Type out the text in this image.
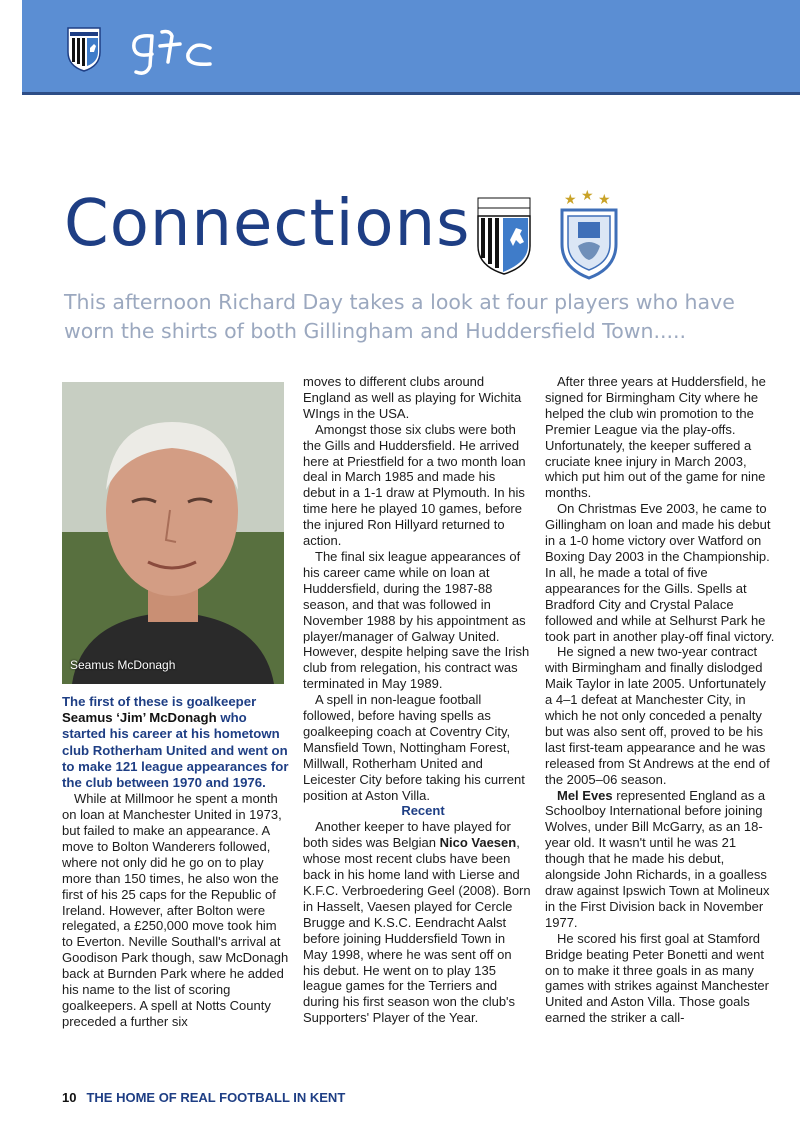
Connections	★ ★ ★

This afternoon Richard Day takes a look at four players who have worn the shirts of both Gillingham and Huddersfield Town.....

Seamus McDonagh

The first of these is goalkeeper Seamus ‘Jim’ McDonagh who started his career at his hometown club Rotherham United and went on to make 121 league appearances for the club between 1970 and 1976.

While at Millmoor he spent a month on loan at Manchester United in 1973, but failed to make an appearance. A move to Bolton Wanderers followed, where not only did he go on to play more than 150 times, he also won the first of his 25 caps for the Republic of Ireland. However, after Bolton were relegated, a £250,000 move took him to Everton. Neville Southall's arrival at Goodison Park though, saw McDonagh back at Burnden Park where he added his name to the list of scoring goalkeepers. A spell at Notts County preceded a further six

moves to different clubs around England as well as playing for Wichita WIngs in the USA.

Amongst those six clubs were both the Gills and Huddersfield. He arrived here at Priestfield for a two month loan deal in March 1985 and made his debut in a 1-1 draw at Plymouth. In his time here he played 10 games, before the injured Ron Hillyard returned to action.

The final six league appearances of his career came while on loan at Huddersfield, during the 1987-88 season, and that was followed in November 1988 by his appointment as player/manager of Galway United. However, despite helping save the Irish club from relegation, his contract was terminated in May 1989.

A spell in non-league football followed, before having spells as goalkeeping coach at Coventry City, Mansfield Town, Nottingham Forest, Millwall, Rotherham United and Leicester City before taking his current position at Aston Villa.

Recent

Another keeper to have played for both sides was Belgian Nico Vaesen, whose most recent clubs have been back in his home land with Lierse and K.F.C. Verbroedering Geel (2008). Born in Hasselt, Vaesen played for Cercle Brugge and K.S.C. Eendracht Aalst before joining Huddersfield Town in May 1998, where he was sent off on his debut. He went on to play 135 league games for the Terriers and during his first season won the club's Supporters' Player of the Year.

After three years at Huddersfield, he signed for Birmingham City where he helped the club win promotion to the Premier League via the play-offs. Unfortunately, the keeper suffered a cruciate knee injury in March 2003, which put him out of the game for nine months.

On Christmas Eve 2003, he came to Gillingham on loan and made his debut in a 1-0 home victory over Watford on Boxing Day 2003 in the Championship. In all, he made a total of five appearances for the Gills. Spells at Bradford City and Crystal Palace followed and while at Selhurst Park he took part in another play-off final victory.

He signed a new two-year contract with Birmingham and finally dislodged Maik Taylor in late 2005. Unfortunately a 4–1 defeat at Manchester City, in which he not only conceded a penalty but was also sent off, proved to be his last first-team appearance and he was released from St Andrews at the end of the 2005–06 season.

Mel Eves represented England as a Schoolboy International before joining Wolves, under Bill McGarry, as an 18-year old. It wasn't until he was 21 though that he made his debut, alongside John Richards, in a goalless draw against Ipswich Town at Molineux in the First Division back in November 1977.

He scored his first goal at Stamford Bridge beating Peter Bonetti and went on to make it three goals in as many games with strikes against Manchester United and Aston Villa. Those goals earned the striker a call-

10 THE HOME OF REAL FOOTBALL IN KENT
